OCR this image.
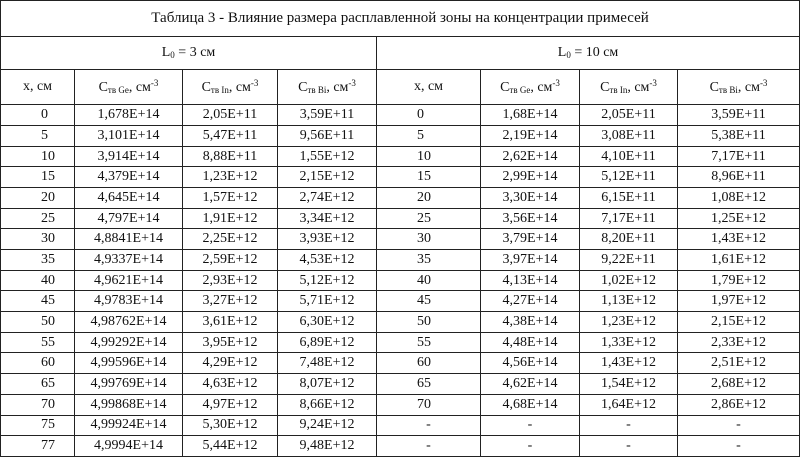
Таблица 3 - Влияние размера расплавленной зоны на концентрации примесей							
$L_0 = 3$ см				$L_0 = 10$ см			
x, см	$C_{тв Ge}$, $см^{-3}$	$C_{тв In}$, $см^{-3}$	$C_{тв Bi}$, $см^{-3}$	x, см	$C_{тв Ge}$, $см^{-3}$	$C_{тв In}$, $см^{-3}$	$C_{тв Bi}$, $см^{-3}$
0	1,678E+14	2,05E+11	3,59E+11	0	1,68E+14	2,05E+11	3,59E+11
5	3,101E+14	5,47E+11	9,56E+11	5	2,19E+14	3,08E+11	5,38E+11
10	3,914E+14	8,88E+11	1,55E+12	10	2,62E+14	4,10E+11	7,17E+11
15	4,379E+14	1,23E+12	2,15E+12	15	2,99E+14	5,12E+11	8,96E+11
20	4,645E+14	1,57E+12	2,74E+12	20	3,30E+14	6,15E+11	1,08E+12
25	4,797E+14	1,91E+12	3,34E+12	25	3,56E+14	7,17E+11	1,25E+12
30	4,8841E+14	2,25E+12	3,93E+12	30	3,79E+14	8,20E+11	1,43E+12
35	4,9337E+14	2,59E+12	4,53E+12	35	3,97E+14	9,22E+11	1,61E+12
40	4,9621E+14	2,93E+12	5,12E+12	40	4,13E+14	1,02E+12	1,79E+12
45	4,9783E+14	3,27E+12	5,71E+12	45	4,27E+14	1,13E+12	1,97E+12
50	4,98762E+14	3,61E+12	6,30E+12	50	4,38E+14	1,23E+12	2,15E+12
55	4,99292E+14	3,95E+12	6,89E+12	55	4,48E+14	1,33E+12	2,33E+12
60	4,99596E+14	4,29E+12	7,48E+12	60	4,56E+14	1,43E+12	2,51E+12
65	4,99769E+14	4,63E+12	8,07E+12	65	4,62E+14	1,54E+12	2,68E+12
70	4,99868E+14	4,97E+12	8,66E+12	70	4,68E+14	1,64E+12	2,86E+12
75	4,99924E+14	5,30E+12	9,24E+12	-	-	-	-
77	4,9994E+14	5,44E+12	9,48E+12	-	-	-	-
